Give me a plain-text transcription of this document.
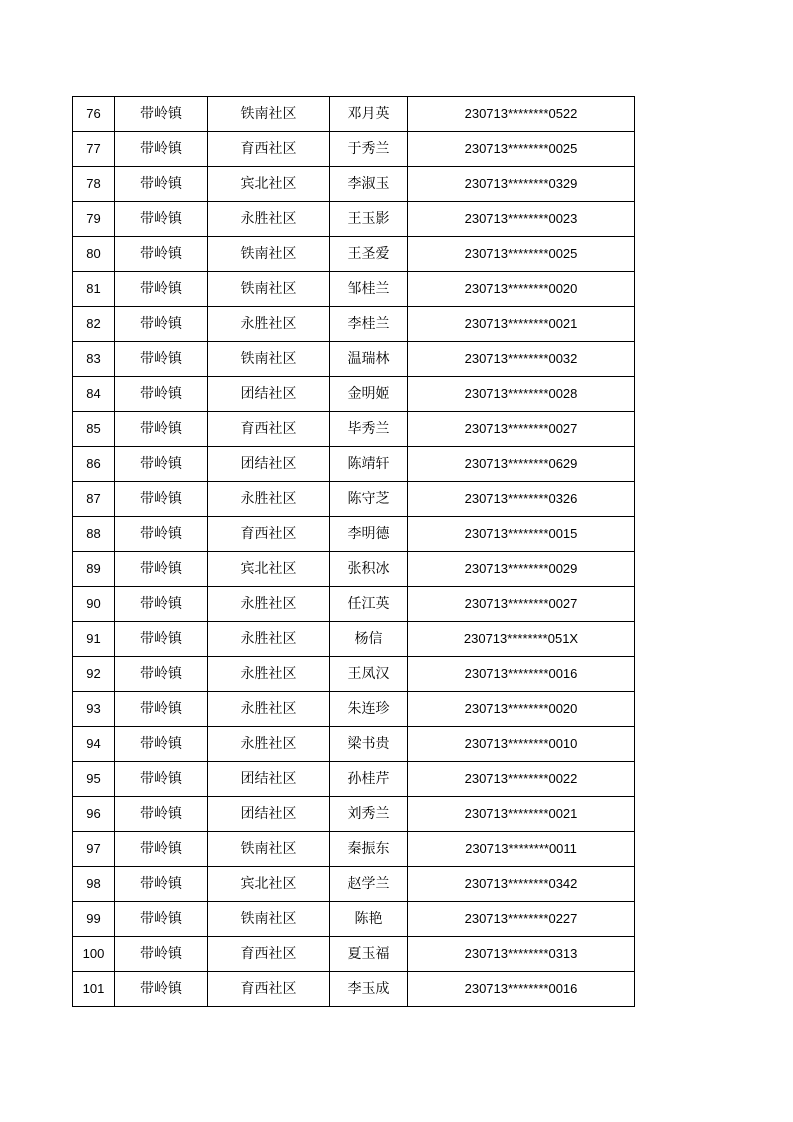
76	带岭镇	铁南社区	邓月英	230713********0522
77	带岭镇	育西社区	于秀兰	230713********0025
78	带岭镇	宾北社区	李淑玉	230713********0329
79	带岭镇	永胜社区	王玉影	230713********0023
80	带岭镇	铁南社区	王圣爱	230713********0025
81	带岭镇	铁南社区	邹桂兰	230713********0020
82	带岭镇	永胜社区	李桂兰	230713********0021
83	带岭镇	铁南社区	温瑞林	230713********0032
84	带岭镇	团结社区	金明姬	230713********0028
85	带岭镇	育西社区	毕秀兰	230713********0027
86	带岭镇	团结社区	陈靖轩	230713********0629
87	带岭镇	永胜社区	陈守芝	230713********0326
88	带岭镇	育西社区	李明德	230713********0015
89	带岭镇	宾北社区	张积冰	230713********0029
90	带岭镇	永胜社区	任江英	230713********0027
91	带岭镇	永胜社区	杨信	230713********051X
92	带岭镇	永胜社区	王凤汉	230713********0016
93	带岭镇	永胜社区	朱连珍	230713********0020
94	带岭镇	永胜社区	梁书贵	230713********0010
95	带岭镇	团结社区	孙桂芹	230713********0022
96	带岭镇	团结社区	刘秀兰	230713********0021
97	带岭镇	铁南社区	秦振东	230713********0011
98	带岭镇	宾北社区	赵学兰	230713********0342
99	带岭镇	铁南社区	陈艳	230713********0227
100	带岭镇	育西社区	夏玉福	230713********0313
101	带岭镇	育西社区	李玉成	230713********0016
